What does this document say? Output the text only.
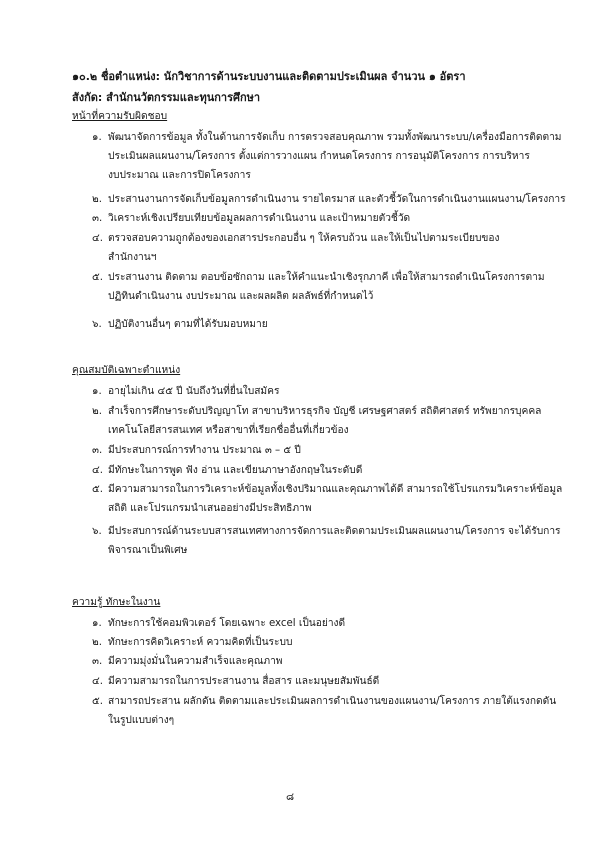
๑๐.๒ ชื่อตำแหน่ง: นักวิชาการด้านระบบงานและติดตามประเมินผล จำนวน ๑ อัตรา
สังกัด: สำนักนวัตกรรมและทุนการศึกษา
หน้าที่ความรับผิดชอบ
๑. พัฒนาจัดการข้อมูล ทั้งในด้านการจัดเก็บ การตรวจสอบคุณภาพ รวมทั้งพัฒนาระบบ/เครื่องมือการติดตาม
ประเมินผลแผนงาน/โครงการ ตั้งแต่การวางแผน กำหนดโครงการ การอนุมัติโครงการ การบริหาร
งบประมาณ และการปิดโครงการ
๒. ประสานงานการจัดเก็บข้อมูลการดำเนินงาน รายไตรมาส และตัวชี้วัดในการดำเนินงานแผนงาน/โครงการ
๓. วิเคราะห์เชิงเปรียบเทียบข้อมูลผลการดำเนินงาน และเป้าหมายตัวชี้วัด
๔. ตรวจสอบความถูกต้องของเอกสารประกอบอื่น ๆ ให้ครบถ้วน และให้เป็นไปตามระเบียบของ
สำนักงานฯ
๕. ประสานงาน ติดตาม ตอบข้อซักถาม และให้คำแนะนำเชิงรุกภาคี เพื่อให้สามารถดำเนินโครงการตาม
ปฏิทินดำเนินงาน งบประมาณ และผลผลิต ผลลัพธ์ที่กำหนดไว้
๖. ปฏิบัติงานอื่นๆ ตามที่ได้รับมอบหมาย
คุณสมบัติเฉพาะตำแหน่ง
๑. อายุไม่เกิน ๔๕ ปี นับถึงวันที่ยื่นใบสมัคร
๒. สำเร็จการศึกษาระดับปริญญาโท สาขาบริหารธุรกิจ บัญชี เศรษฐศาสตร์ สถิติศาสตร์ ทรัพยากรบุคคล
เทคโนโลยีสารสนเทศ หรือสาขาที่เรียกชื่ออื่นที่เกี่ยวข้อง
๓. มีประสบการณ์การทำงาน ประมาณ ๓ – ๕ ปี
๔. มีทักษะในการพูด ฟัง อ่าน และเขียนภาษาอังกฤษในระดับดี
๕. มีความสามารถในการวิเคราะห์ข้อมูลทั้งเชิงปริมาณและคุณภาพได้ดี สามารถใช้โปรแกรมวิเคราะห์ข้อมูล
สถิติ และโปรแกรมนำเสนออย่างมีประสิทธิภาพ
๖. มีประสบการณ์ด้านระบบสารสนเทศทางการจัดการและติดตามประเมินผลแผนงาน/โครงการ จะได้รับการ
พิจารณาเป็นพิเศษ
ความรู้ ทักษะในงาน
๑. ทักษะการใช้คอมพิวเตอร์ โดยเฉพาะ excel เป็นอย่างดี
๒. ทักษะการคิดวิเคราะห์ ความคิดที่เป็นระบบ
๓. มีความมุ่งมั่นในความสำเร็จและคุณภาพ
๔. มีความสามารถในการประสานงาน สื่อสาร และมนุษยสัมพันธ์ดี
๕. สามารถประสาน ผลักดัน ติดตามและประเมินผลการดำเนินงานของแผนงาน/โครงการ ภายใต้แรงกดดัน
ในรูปแบบต่างๆ
๘
